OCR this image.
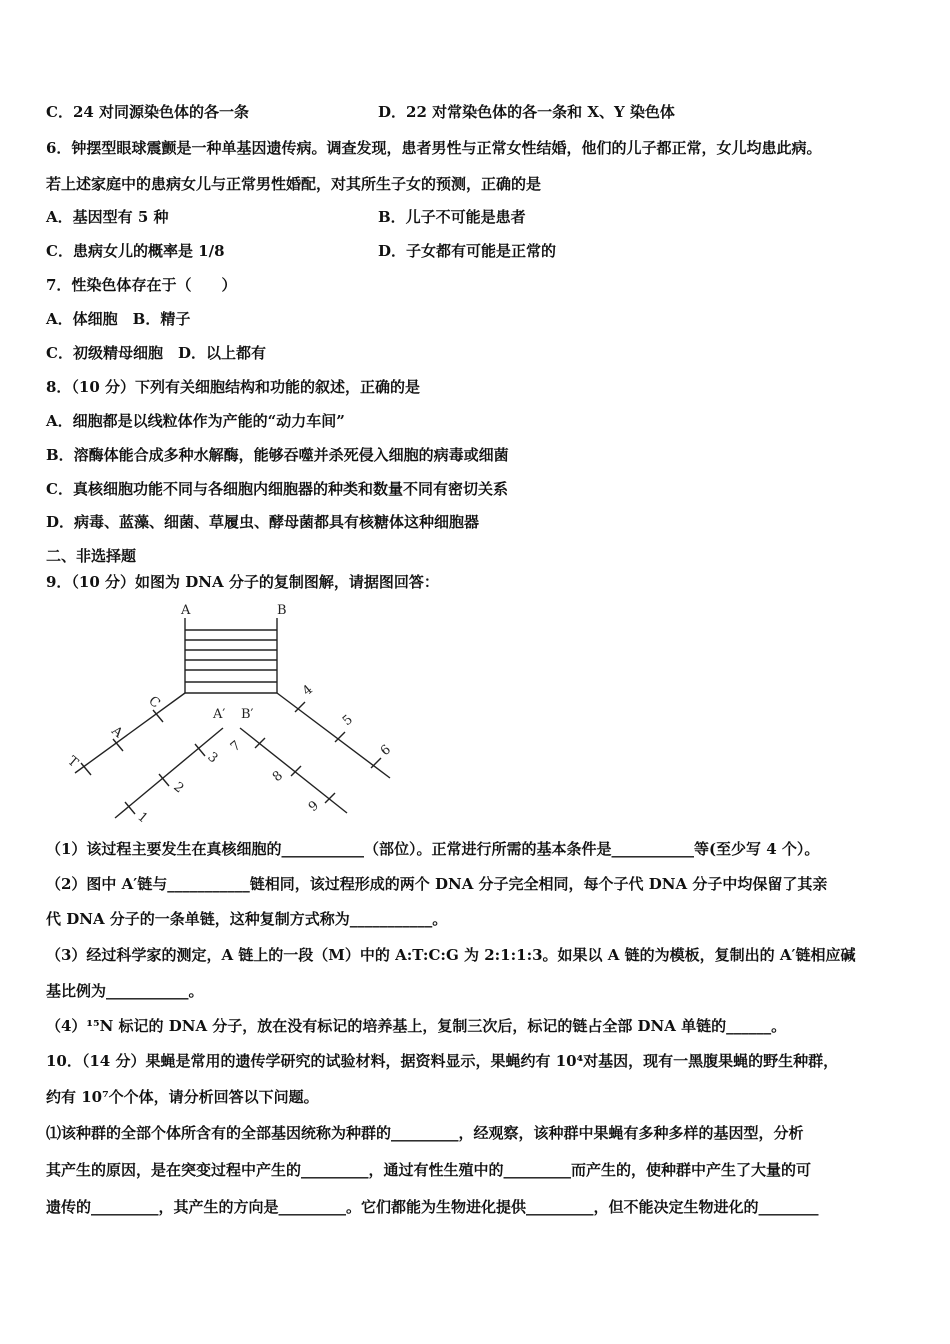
C．24 对同源染色体的各一条	D．22 对常染色体的各一条和 X、Y 染色体
6．钟摆型眼球震颤是一种单基因遗传病。调查发现，患者男性与正常女性结婚，他们的儿子都正常，女儿均患此病。
若上述家庭中的患病女儿与正常男性婚配，对其所生子女的预测，正确的是
A．基因型有 5 种	B．儿子不可能是患者
C．患病女儿的概率是 1/8	D．子女都有可能是正常的
7．性染色体存在于（　　）
A．体细胞　B．精子
C．初级精母细胞　D．以上都有
8．（10 分）下列有关细胞结构和功能的叙述，正确的是
A．细胞都是以线粒体作为产能的“动力车间”
B．溶酶体能合成多种水解酶，能够吞噬并杀死侵入细胞的病毒或细菌
C．真核细胞功能不同与各细胞内细胞器的种类和数量不同有密切关系
D．病毒、蓝藻、细菌、草履虫、酵母菌都具有核糖体这种细胞器
二、非选择题
9．（10 分）如图为 DNA 分子的复制图解，请据图回答：
A	B
A′ B′
C
A
T	3
2
1
4
5
6
7
8
9
（1）该过程主要发生在真核细胞的___________（部位）。正常进行所需的基本条件是___________等(至少写 4 个）。
（2）图中 A′链与___________链相同，该过程形成的两个 DNA 分子完全相同，每个子代 DNA 分子中均保留了其亲
代 DNA 分子的一条单链，这种复制方式称为___________。
（3）经过科学家的测定，A 链上的一段（M）中的 A:T:C:G 为 2:1:1:3。如果以 A 链的为模板，复制出的 A′链相应碱
基比例为___________。
（4）¹⁵N 标记的 DNA 分子，放在没有标记的培养基上，复制三次后，标记的链占全部 DNA 单链的______。
10．（14 分）果蝇是常用的遗传学研究的试验材料，据资料显示，果蝇约有 10⁴对基因，现有一黑腹果蝇的野生种群，
约有 10⁷个个体，请分析回答以下问题。
⑴该种群的全部个体所含有的全部基因统称为种群的_________，经观察，该种群中果蝇有多种多样的基因型，分析
其产生的原因，是在突变过程中产生的_________，通过有性生殖中的_________而产生的，使种群中产生了大量的可
遗传的_________，其产生的方向是_________。它们都能为生物进化提供_________，但不能决定生物进化的________
